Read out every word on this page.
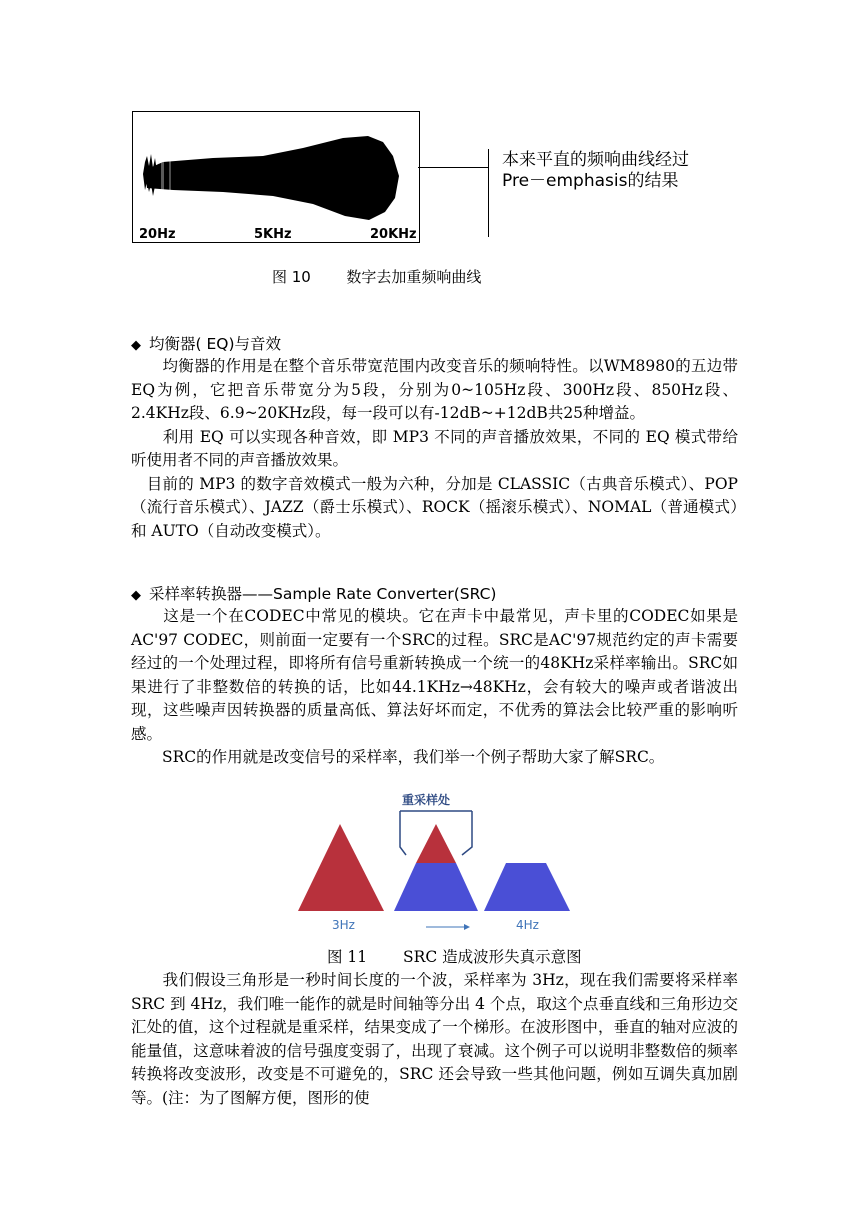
20Hz	5KHz	20KHz
本来平直的频响曲线经过
Pre－emphasis的结果
图 10 数字去加重频响曲线
◆ 均衡器( EQ)与音效

　　均衡器的作用是在整个音乐带宽范围内改变音乐的频响特性。以WM8980的五边带EQ为例，它把音乐带宽分为5段，分别为0~105Hz段、300Hz段、850Hz段、2.4KHz段、6.9~20KHz段，每一段可以有-12dB~+12dB共25种增益。

　　利用 EQ 可以实现各种音效，即 MP3 不同的声音播放效果，不同的 EQ 模式带给听使用者不同的声音播放效果。

　目前的 MP3 的数字音效模式一般为六种，分加是 CLASSIC（古典音乐模式）、POP（流行音乐模式）、JAZZ（爵士乐模式）、ROCK（摇滚乐模式）、NOMAL（普通模式）和 AUTO（自动改变模式）。

◆ 采样率转换器——Sample Rate Converter(SRC)

　　这是一个在CODEC中常见的模块。它在声卡中最常见，声卡里的CODEC如果是AC'97 CODEC，则前面一定要有一个SRC的过程。SRC是AC'97规范约定的声卡需要经过的一个处理过程，即将所有信号重新转换成一个统一的48KHz采样率输出。SRC如果进行了非整数倍的转换的话，比如44.1KHz→48KHz，会有较大的噪声或者谐波出现，这些噪声因转换器的质量高低、算法好坏而定，不优秀的算法会比较严重的影响听感。

　　SRC的作用就是改变信号的采样率，我们举一个例子帮助大家了解SRC。

重采样处
3Hz	4Hz
图 11 SRC 造成波形失真示意图

　　我们假设三角形是一秒时间长度的一个波，采样率为 3Hz，现在我们需要将采样率 SRC 到 4Hz，我们唯一能作的就是时间轴等分出 4 个点，取这个点垂直线和三角形边交汇处的值，这个过程就是重采样，结果变成了一个梯形。在波形图中，垂直的轴对应波的能量值，这意味着波的信号强度变弱了，出现了衰减。这个例子可以说明非整数倍的频率转换将改变波形，改变是不可避免的，SRC 还会导致一些其他问题，例如互调失真加剧等。(注：为了图解方便，图形的使
